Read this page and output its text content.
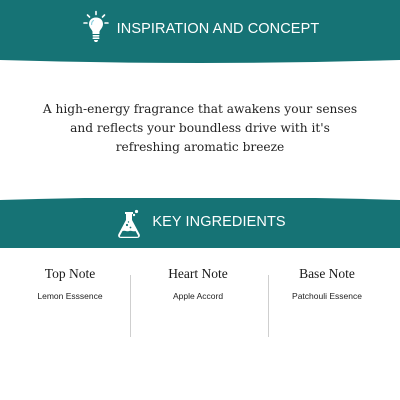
INSPIRATION AND CONCEPT
A high-energy fragrance that awakens your senses and reflects your boundless drive with it's refreshing aromatic breeze
KEY INGREDIENTS
Top Note
Lemon Esssence
Heart Note
Apple Accord
Base Note
Patchouli Essence
